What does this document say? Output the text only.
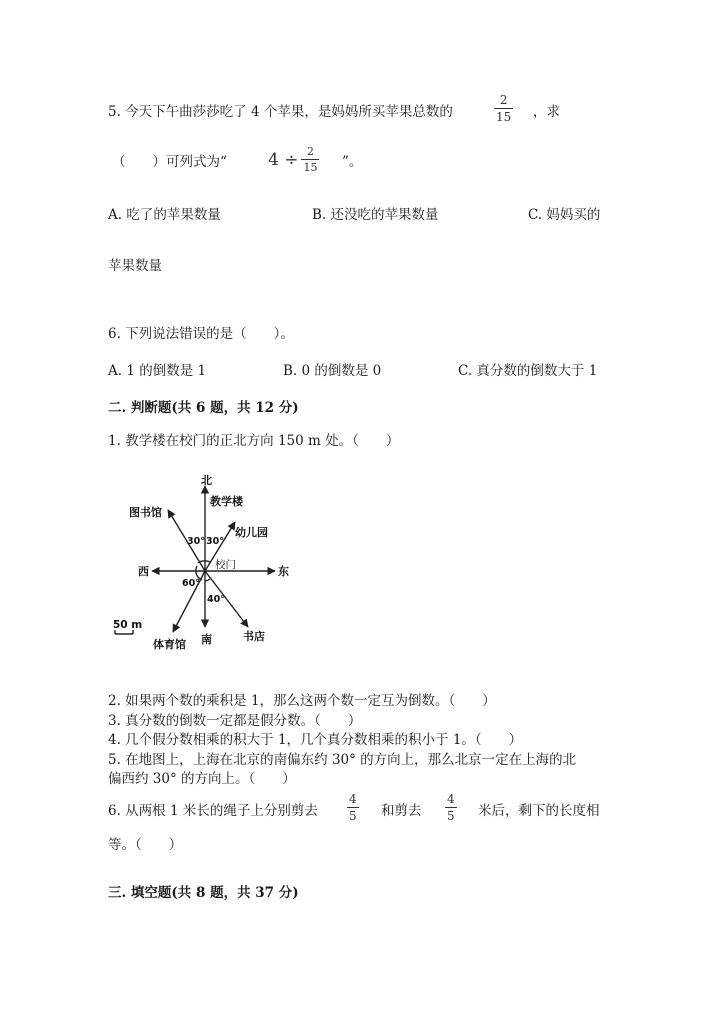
5. 今天下午曲莎莎吃了 4 个苹果，是妈妈所买苹果总数的
2
15 ，求
（　　）可列式为“ $4 \div \frac{2}{15}$ ”。
A. 吃了的苹果数量	B. 还没吃的苹果数量	C. 妈妈买的
苹果数量
6. 下列说法错误的是（　　）。
A. 1 的倒数是 1	B. 0 的倒数是 0	C. 真分数的倒数大于 1
二. 判断题(共 6 题，共 12 分)
1. 教学楼在校门的正北方向 150 m 处。（　　）
北
南
东
西
教学楼
图书馆
幼儿园
校门
体育馆
书店
50 m
30° 30°
60°
40°
2. 如果两个数的乘积是 1，那么这两个数一定互为倒数。（　　）
3. 真分数的倒数一定都是假分数。（　　）
4. 几个假分数相乘的积大于 1，几个真分数相乘的积小于 1。（　　）
5. 在地图上，上海在北京的南偏东约 30° 的方向上，那么北京一定在上海的北
偏西约 30° 的方向上。（　　）
6. 从两根 1 米长的绳子上分别剪去
4
5 和剪去
4
5 米后，剩下的长度相
等。（　　）
三. 填空题(共 8 题，共 37 分)
